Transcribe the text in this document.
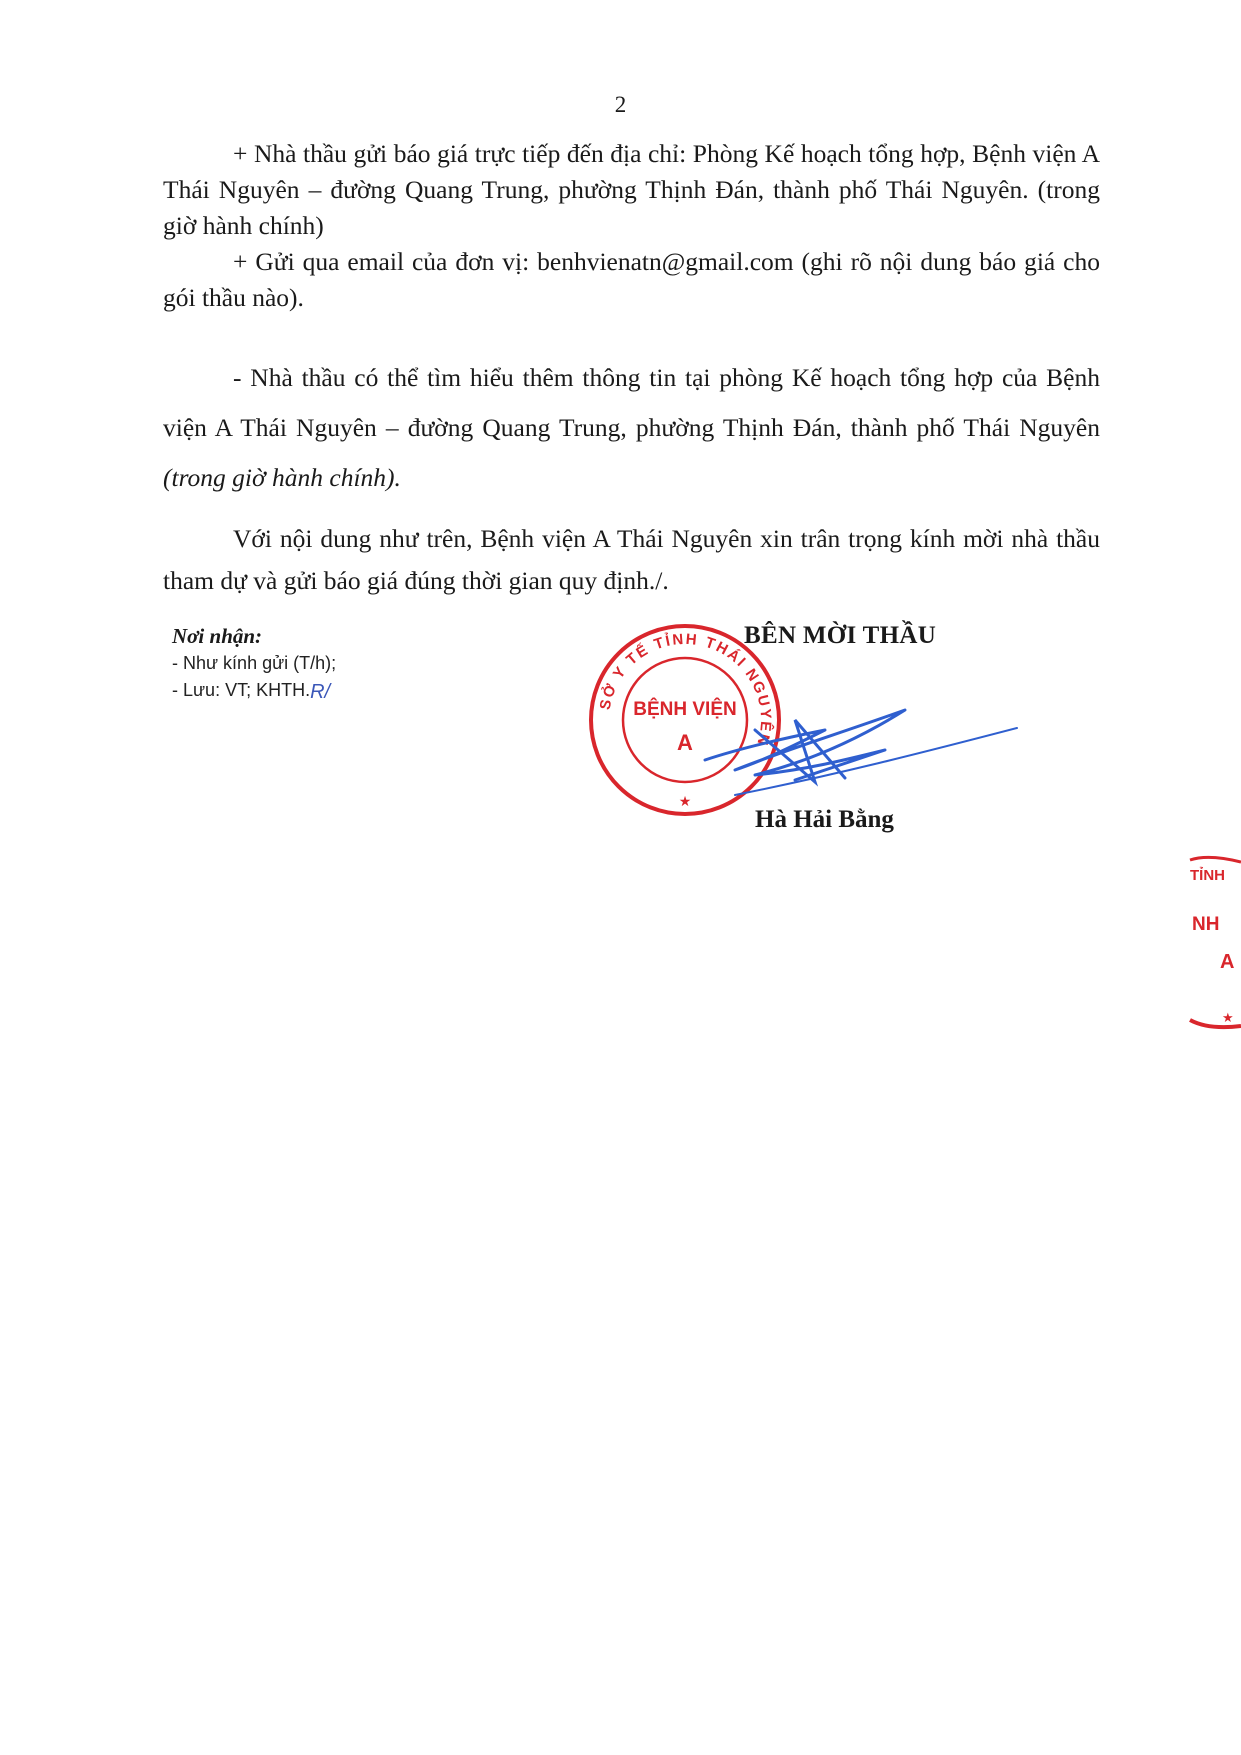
2

+ Nhà thầu gửi báo giá trực tiếp đến địa chỉ: Phòng Kế hoạch tổng hợp, Bệnh viện A Thái Nguyên – đường Quang Trung, phường Thịnh Đán, thành phố Thái Nguyên. (trong giờ hành chính)

+ Gửi qua email của đơn vị: benhvienatn@gmail.com (ghi rõ nội dung báo giá cho gói thầu nào).

- Nhà thầu có thể tìm hiểu thêm thông tin tại phòng Kế hoạch tổng hợp của Bệnh viện A Thái Nguyên – đường Quang Trung, phường Thịnh Đán, thành phố Thái Nguyên (trong giờ hành chính).

Với nội dung như trên, Bệnh viện A Thái Nguyên xin trân trọng kính mời nhà thầu tham dự và gửi báo giá đúng thời gian quy định./.

Nơi nhận:
- Như kính gửi (T/h);
- Lưu: VT; KHTH.R/
SỞ Y TẾ TỈNH THÁI NGUYÊN
BỆNH VIỆN
A
★
BÊN MỜI THẦU
Hà Hải Bằng
TỈNH
NH
A
★
